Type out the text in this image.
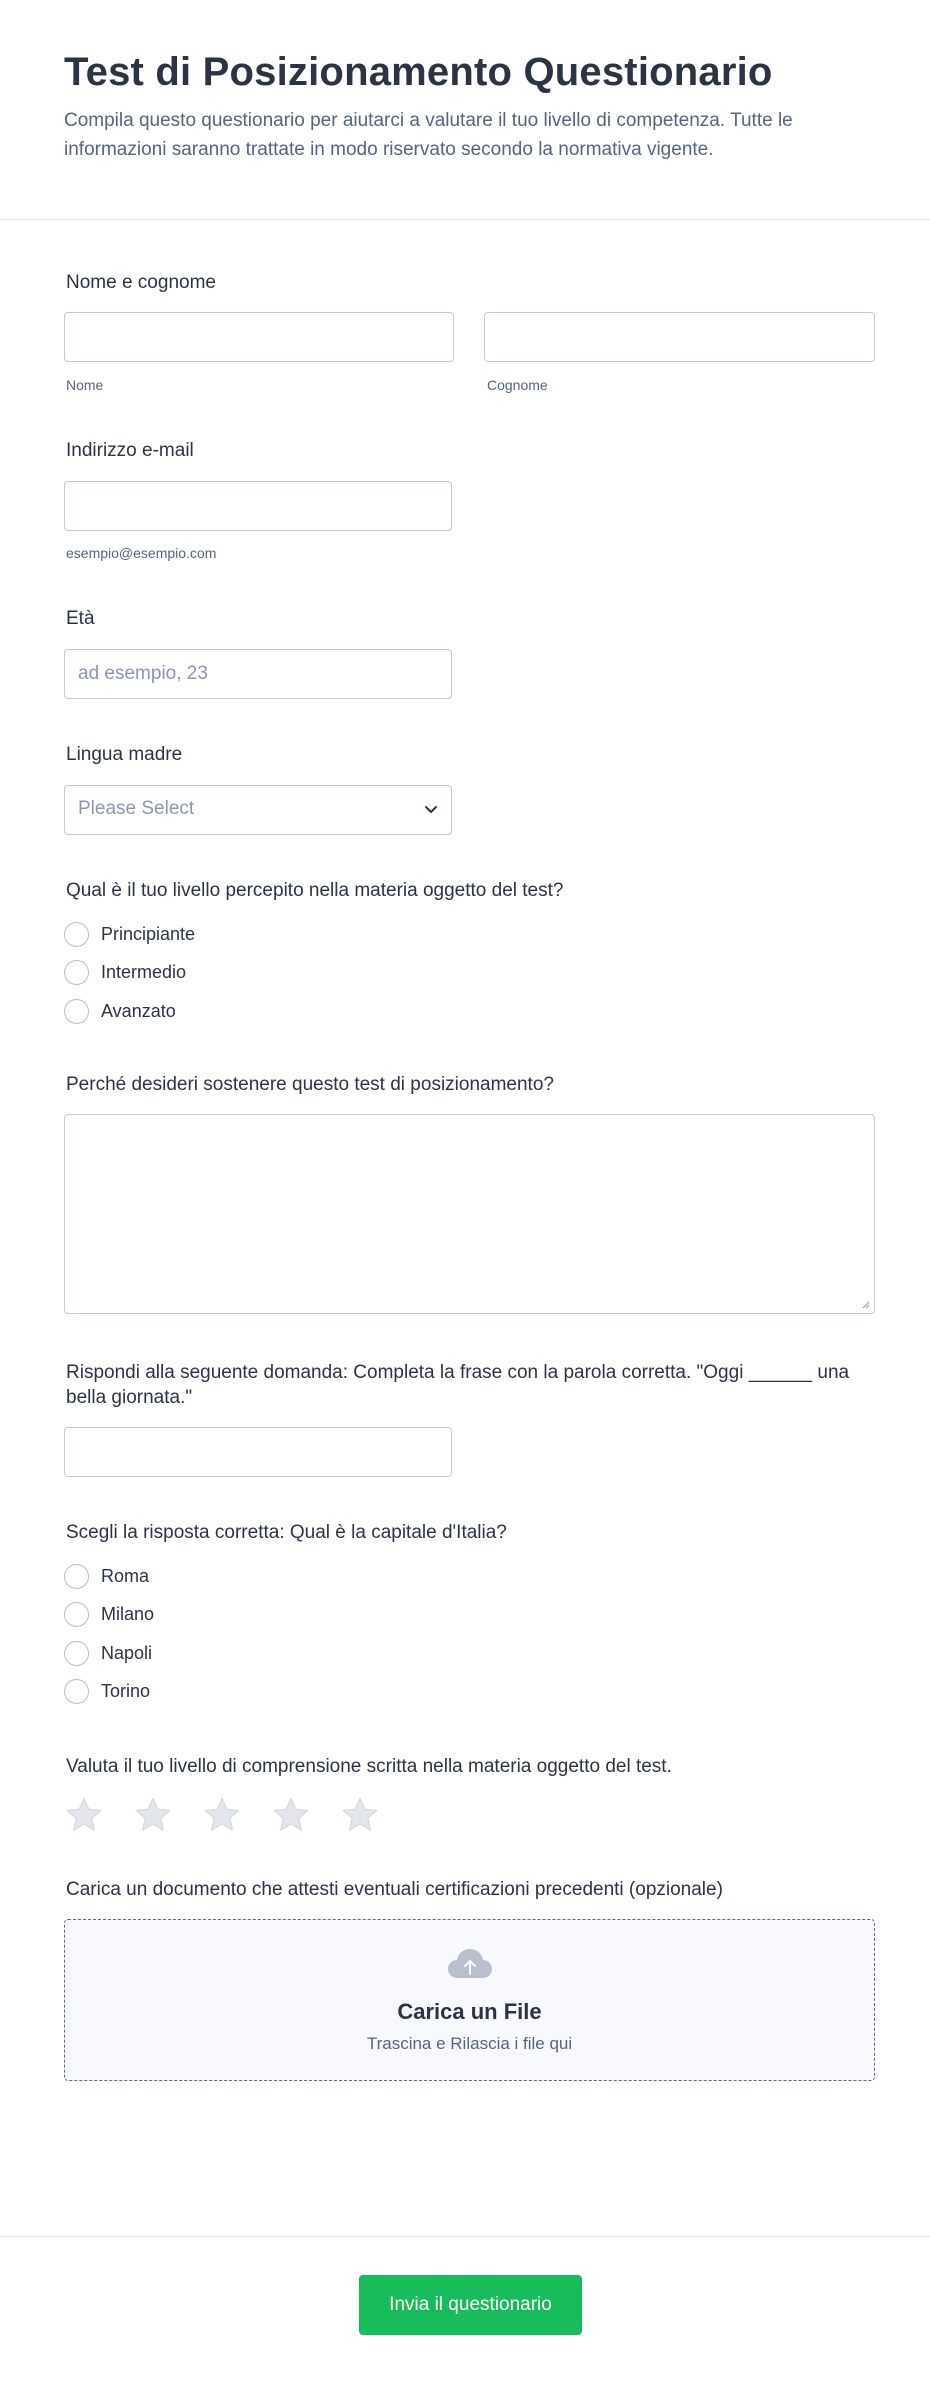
Test di Posizionamento Questionario

Compila questo questionario per aiutarci a valutare il tuo livello di competenza. Tutte le informazioni saranno trattate in modo riservato secondo la normativa vigente.

Nome e cognome
Nome	Cognome
Indirizzo e-mail
esempio@esempio.com
Età
ad esempio, 23
Lingua madre
Please Select
Qual è il tuo livello percepito nella materia oggetto del test?
Principiante
Intermedio
Avanzato
Perché desideri sostenere questo test di posizionamento?
Rispondi alla seguente domanda: Completa la frase con la parola corretta. "Oggi ______ una bella giornata."
Scegli la risposta corretta: Qual è la capitale d'Italia?
Roma
Milano
Napoli
Torino
Valuta il tuo livello di comprensione scritta nella materia oggetto del test.
Carica un documento che attesti eventuali certificazioni precedenti (opzionale)
Carica un File
Trascina e Rilascia i file qui
Invia il questionario
